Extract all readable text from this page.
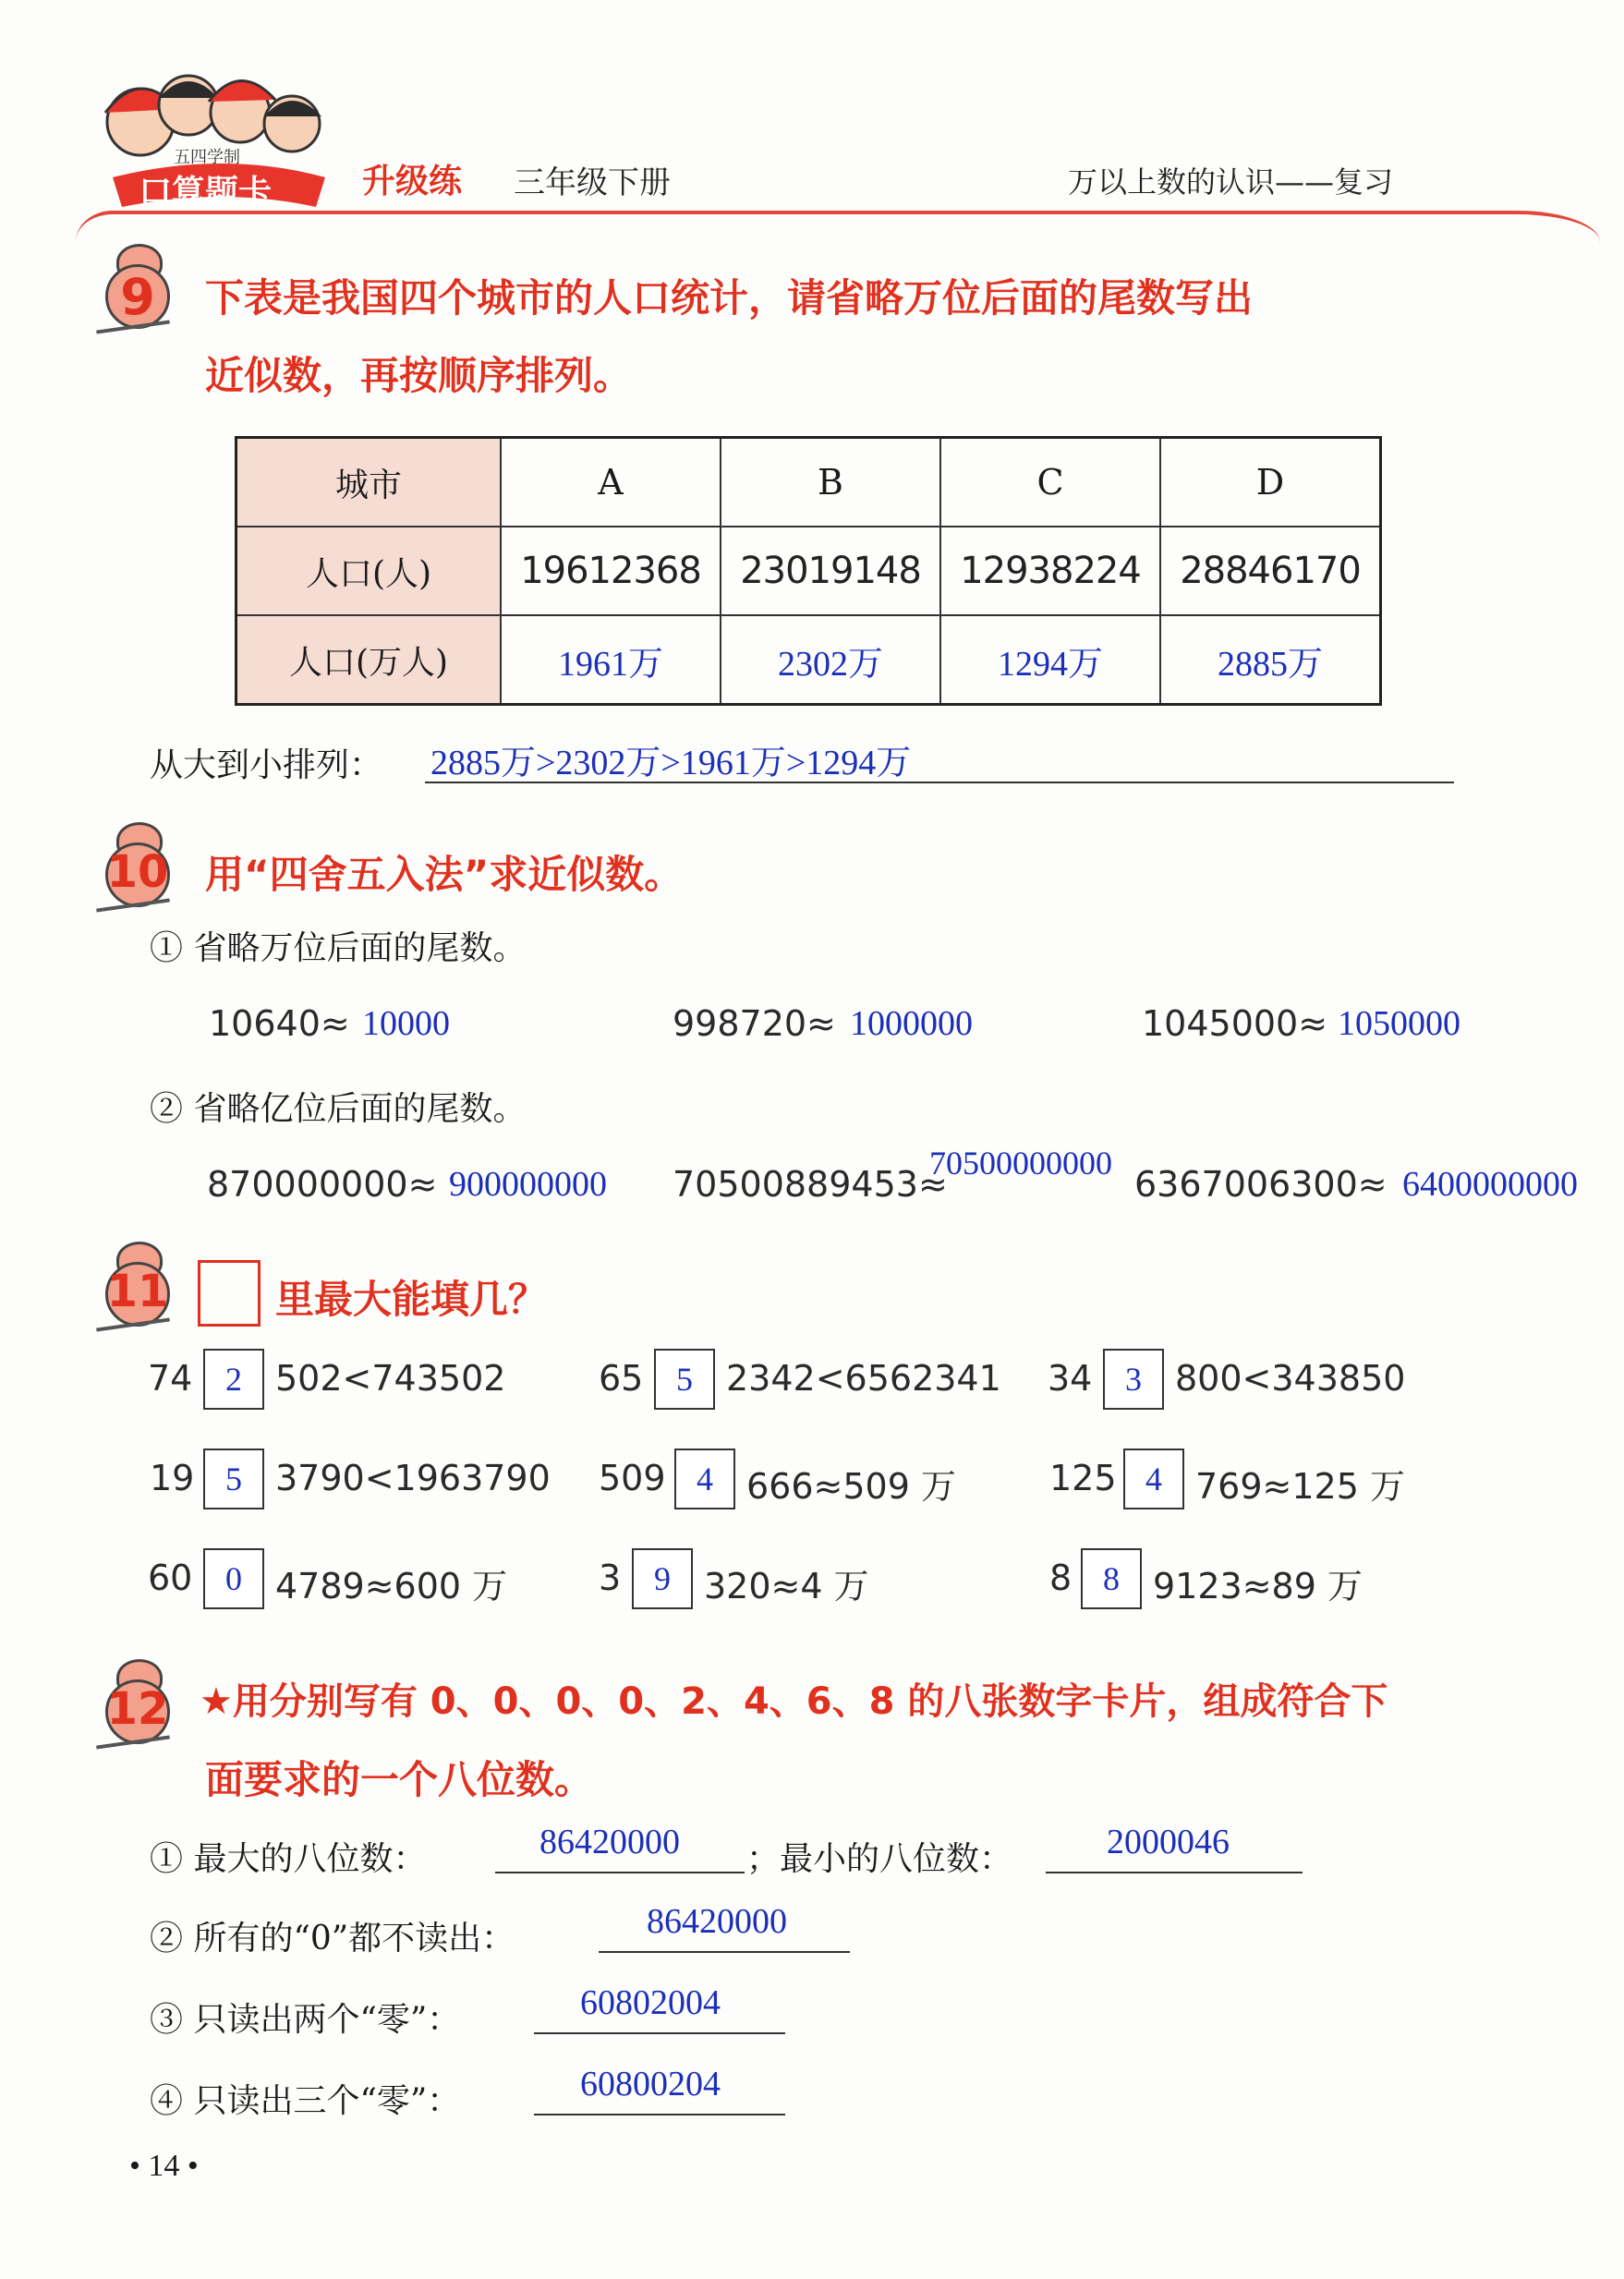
五四学制
口算题卡	升级练 三年级下册	万以上数的认识——复习
9	下表是我国四个城市的人口统计，请省略万位后面的尾数写出
近似数，再按顺序排列。
城市	A	B	C	D
人口(人)	19612368	23019148	12938224	28846170
人口(万人)	1961万	2302万	1294万	2885万
从大到小排列： 2885万>2302万>1961万>1294万
10 用“四舍五入法”求近似数。
① 省略万位后面的尾数。
10640≈ 10000	998720≈ 1000000	1045000≈ 1050000
② 省略亿位后面的尾数。
870000000≈ 900000000 70500889453≈
70500000000
6367006300≈ 6400000000
11	里最大能填几？
74 2 502<743502	65 5 2342<6562341 34 3 800<343850
19 5 3790<1963790 509 4 666≈509 万	125 4 769≈125 万
60 0 4789≈600 万	3 9 320≈4 万	8 8 9123≈89 万
12 ★用分别写有 0、0、0、0、2、4、6、8 的八张数字卡片，组成符合下
面要求的一个八位数。
① 最大的八位数：	86420000 ；最小的八位数：	2000046
② 所有的“0”都不读出：	86420000
③ 只读出两个“零”：	60802004
④ 只读出三个“零”：	60800204
• 14 •
